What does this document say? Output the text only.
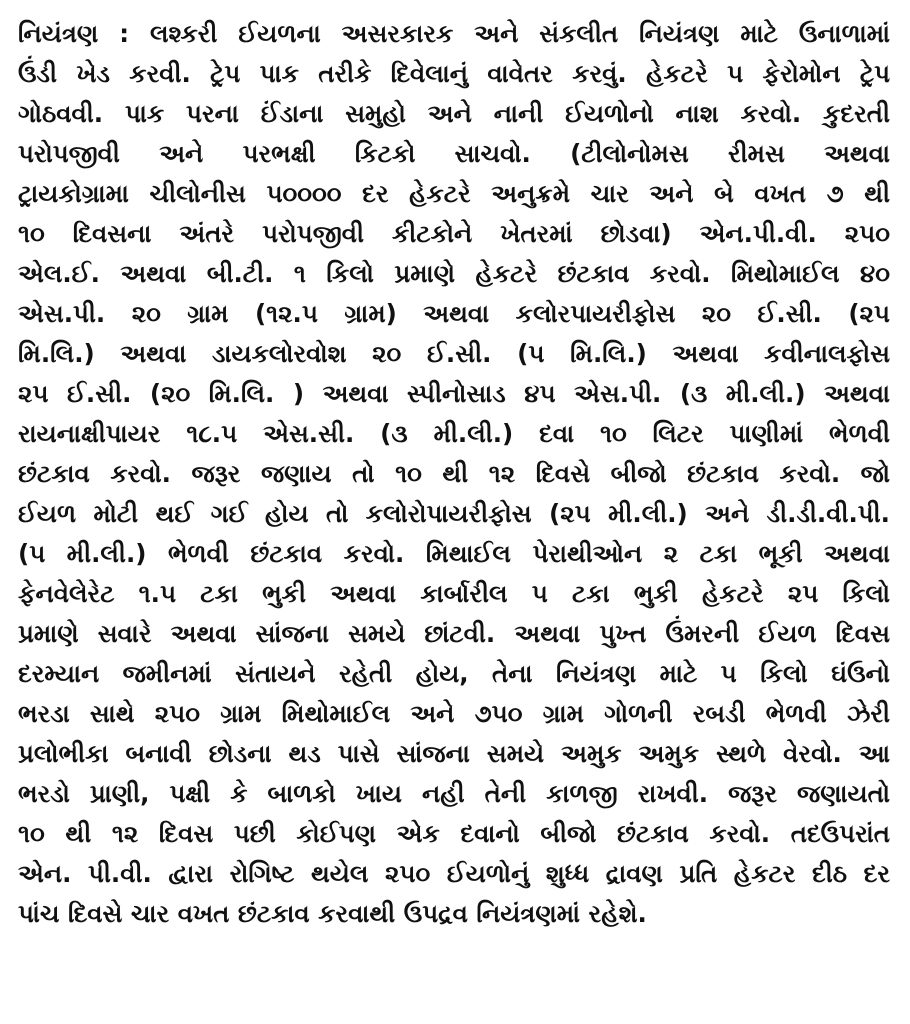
નિયંત્રણ : લશ્કરી ઈયળના અસરકારક અને સંકલીત નિયંત્રણ માટે ઉનાળામાં
ઉંડી ખેડ કરવી. ટ્રેપ પાક તરીકે દિવેલાનું વાવેતર કરવું. હેકટરે ૫ ફેરોમોન ટ્રેપ
ગોઠવવી. પાક પરના ઈંડાના સમુહો અને નાની ઈયળોનો નાશ કરવો. કુદરતી
પરોપજીવી અને પરભક્ષી કિટકો સાચવો. (ટીલોનોમસ રીમસ અથવા
ટ્રાયકોગ્રામા ચીલોનીસ ૫૦૦૦૦ દર હેકટરે અનુક્રમે ચાર અને બે વખત ૭ થી
૧૦ દિવસના અંતરે પરોપજીવી કીટકોને ખેતરમાં છોડવા) એન.પી.વી. ૨૫૦
એલ.ઈ. અથવા બી.ટી. ૧ કિલો પ્રમાણે હેકટરે છંટકાવ કરવો. મિથોમાઈલ ૪૦
એસ.પી. ૨૦ ગ્રામ (૧૨.૫ ગ્રામ) અથવા કલોરપાયરીફોસ ૨૦ ઈ.સી. (૨૫
મિ.લિ.) અથવા ડાયકલોરવોશ ૨૦ ઈ.સી. (૫ મિ.લિ.) અથવા કવીનાલફોસ
૨૫ ઈ.સી. (૨૦ મિ.લિ. ) અથવા સ્પીનોસાડ ૪૫ એસ.પી. (૩ મી.લી.) અથવા
રાયનાક્ષીપાયર ૧૮.૫ એસ.સી. (૩ મી.લી.) દવા ૧૦ લિટર પાણીમાં ભેળવી
છંટકાવ કરવો. જરૂર જણાય તો ૧૦ થી ૧૨ દિવસે બીજો છંટકાવ કરવો. જો
ઈયળ મોટી થઈ ગઈ હોય તો કલોરોપાયરીફોસ (૨૫ મી.લી.) અને ડી.ડી.વી.પી.
(૫ મી.લી.) ભેળવી છંટકાવ કરવો. મિથાઈલ પેરાથીઓન ૨ ટકા ભૂકી અથવા
ફેનવેલેરેટ ૧.૫ ટકા ભુકી અથવા કાર્બારીલ ૫ ટકા ભુકી હેકટરે ૨૫ કિલો
પ્રમાણે સવારે અથવા સાંજના સમયે છાંટવી. અથવા પુખ્ત ઉંમરની ઈયળ દિવસ
દરમ્યાન જમીનમાં સંતાયને રહેતી હોય, તેના નિયંત્રણ માટે ૫ કિલો ઘંઉનો
ભરડા સાથે ૨૫૦ ગ્રામ મિથોમાઈલ અને ૭૫૦ ગ્રામ ગોળની રબડી ભેળવી ઝેરી
પ્રલોભીકા બનાવી છોડના થડ પાસે સાંજના સમયે અમુક અમુક સ્થળે વેરવો. આ
ભરડો પ્રાણી, પક્ષી કે બાળકો ખાય નહી તેની કાળજી રાખવી. જરૂર જણાયતો
૧૦ થી ૧૨ દિવસ પછી કોઈપણ એક દવાનો બીજો છંટકાવ કરવો. તદઉપરાંત
એન. પી.વી. દ્વારા રોગિષ્ટ થયેલ ૨૫૦ ઈયળોનું શુધ્ધ દ્રાવણ પ્રતિ હેકટર દીઠ દર
પાંચ દિવસે ચાર વખત છંટકાવ કરવાથી ઉપદ્રવ નિયંત્રણમાં રહેશે.
